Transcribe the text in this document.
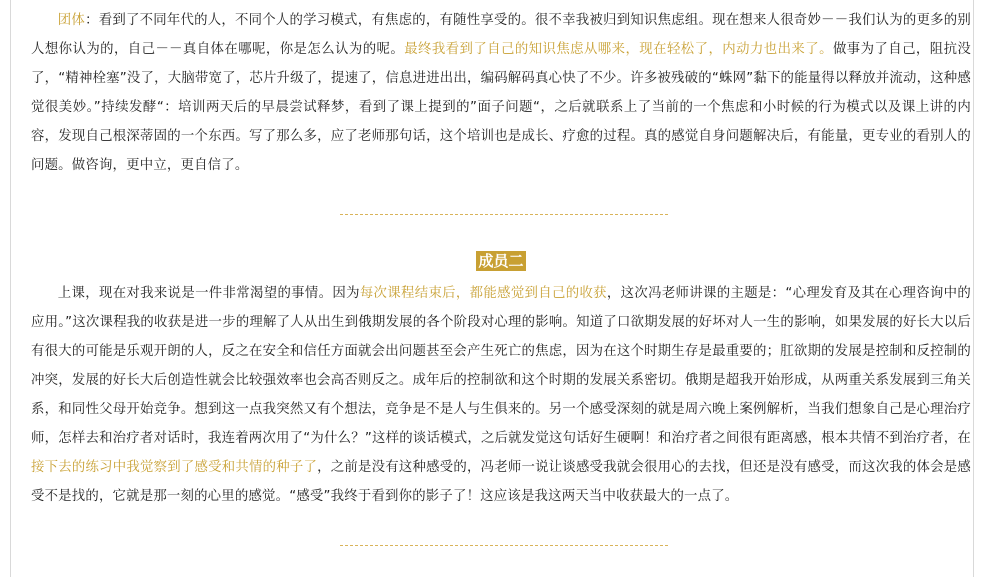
团体：看到了不同年代的人，不同个人的学习模式，有焦虑的，有随性享受的。很不幸我被归到知识焦虑组。现在想来人很奇妙－－我们认为的更多的别人想你认为的，自己－－真自体在哪呢，你是怎么认为的呢。最终我看到了自己的知识焦虑从哪来，现在轻松了，内动力也出来了。做事为了自己，阻抗没了，“精神栓塞”没了，大脑带宽了，芯片升级了，提速了，信息进进出出，编码解码真心快了不少。许多被残破的“蛛网”黏下的能量得以释放并流动，这种感觉很美妙。”持续发酵“：培训两天后的早晨尝试释梦，看到了课上提到的”面子问题“，之后就联系上了当前的一个焦虑和小时候的行为模式以及课上讲的内容，发现自己根深蒂固的一个东西。写了那么多，应了老师那句话，这个培训也是成长、疗愈的过程。真的感觉自身问题解决后，有能量，更专业的看别人的问题。做咨询，更中立，更自信了。

成员二

上课，现在对我来说是一件非常渴望的事情。因为每次课程结束后，都能感觉到自己的收获，这次冯老师讲课的主题是：“心理发育及其在心理咨询中的应用。”这次课程我的收获是进一步的理解了人从出生到俄期发展的各个阶段对心理的影响。知道了口欲期发展的好坏对人一生的影响，如果发展的好长大以后有很大的可能是乐观开朗的人，反之在安全和信任方面就会出问题甚至会产生死亡的焦虑，因为在这个时期生存是最重要的；肛欲期的发展是控制和反控制的冲突，发展的好长大后创造性就会比较强效率也会高否则反之。成年后的控制欲和这个时期的发展关系密切。俄期是超我开始形成，从两重关系发展到三角关系，和同性父母开始竞争。想到这一点我突然又有个想法，竞争是不是人与生俱来的。另一个感受深刻的就是周六晚上案例解析，当我们想象自己是心理治疗师，怎样去和治疗者对话时，我连着两次用了“为什么？”这样的谈话模式，之后就发觉这句话好生硬啊！和治疗者之间很有距离感，根本共情不到治疗者，在接下去的练习中我觉察到了感受和共情的种子了，之前是没有这种感受的，冯老师一说让谈感受我就会很用心的去找，但还是没有感受，而这次我的体会是感受不是找的，它就是那一刻的心里的感觉。“感受”我终于看到你的影子了！这应该是我这两天当中收获最大的一点了。
